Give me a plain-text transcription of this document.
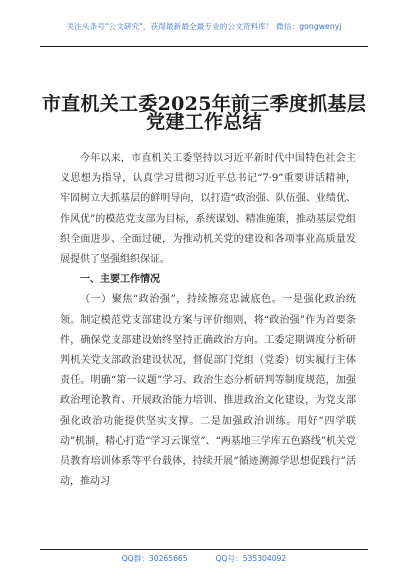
关注头条号"公文研究"，获得最新最全最专业的公文资料库！ 微信：gongwenyj
市直机关工委2025年前三季度抓基层
党建工作总结

今年以来，市直机关工委坚持以习近平新时代中国特色社会主义思想为指导，认真学习贯彻习近平总书记“7·9”重要讲话精神，牢固树立大抓基层的鲜明导向，以打造“政治强、队伍强、业绩优、作风优”的模范党支部为目标，系统谋划、精准施策，推动基层党组织全面进步、全面过硬，为推动机关党的建设和各项事业高质量发展提供了坚强组织保证。

一、主要工作情况

（一）聚焦“政治强”，持续擦亮忠诚底色。一是强化政治统领。制定模范党支部建设方案与评价细则，将“政治强”作为首要条件，确保党支部建设始终坚持正确政治方向。工委定期调度分析研判机关党支部政治建设状况，督促部门党组（党委）切实履行主体责任。明确“第一议题”学习、政治生态分析研判等制度规范，加强政治理论教育、开展政治能力培训、推进政治文化建设，为党支部强化政治功能提供坚实支撑。二是加强政治训练。用好“四学联动”机制，精心打造“学习云课堂”、“两基地三学库五色路线”机关党员教育培训体系等平台载体，持续开展“循迹溯源学思想促践行”活动，推动习

QQ群：30265665	QQ号：535304092
